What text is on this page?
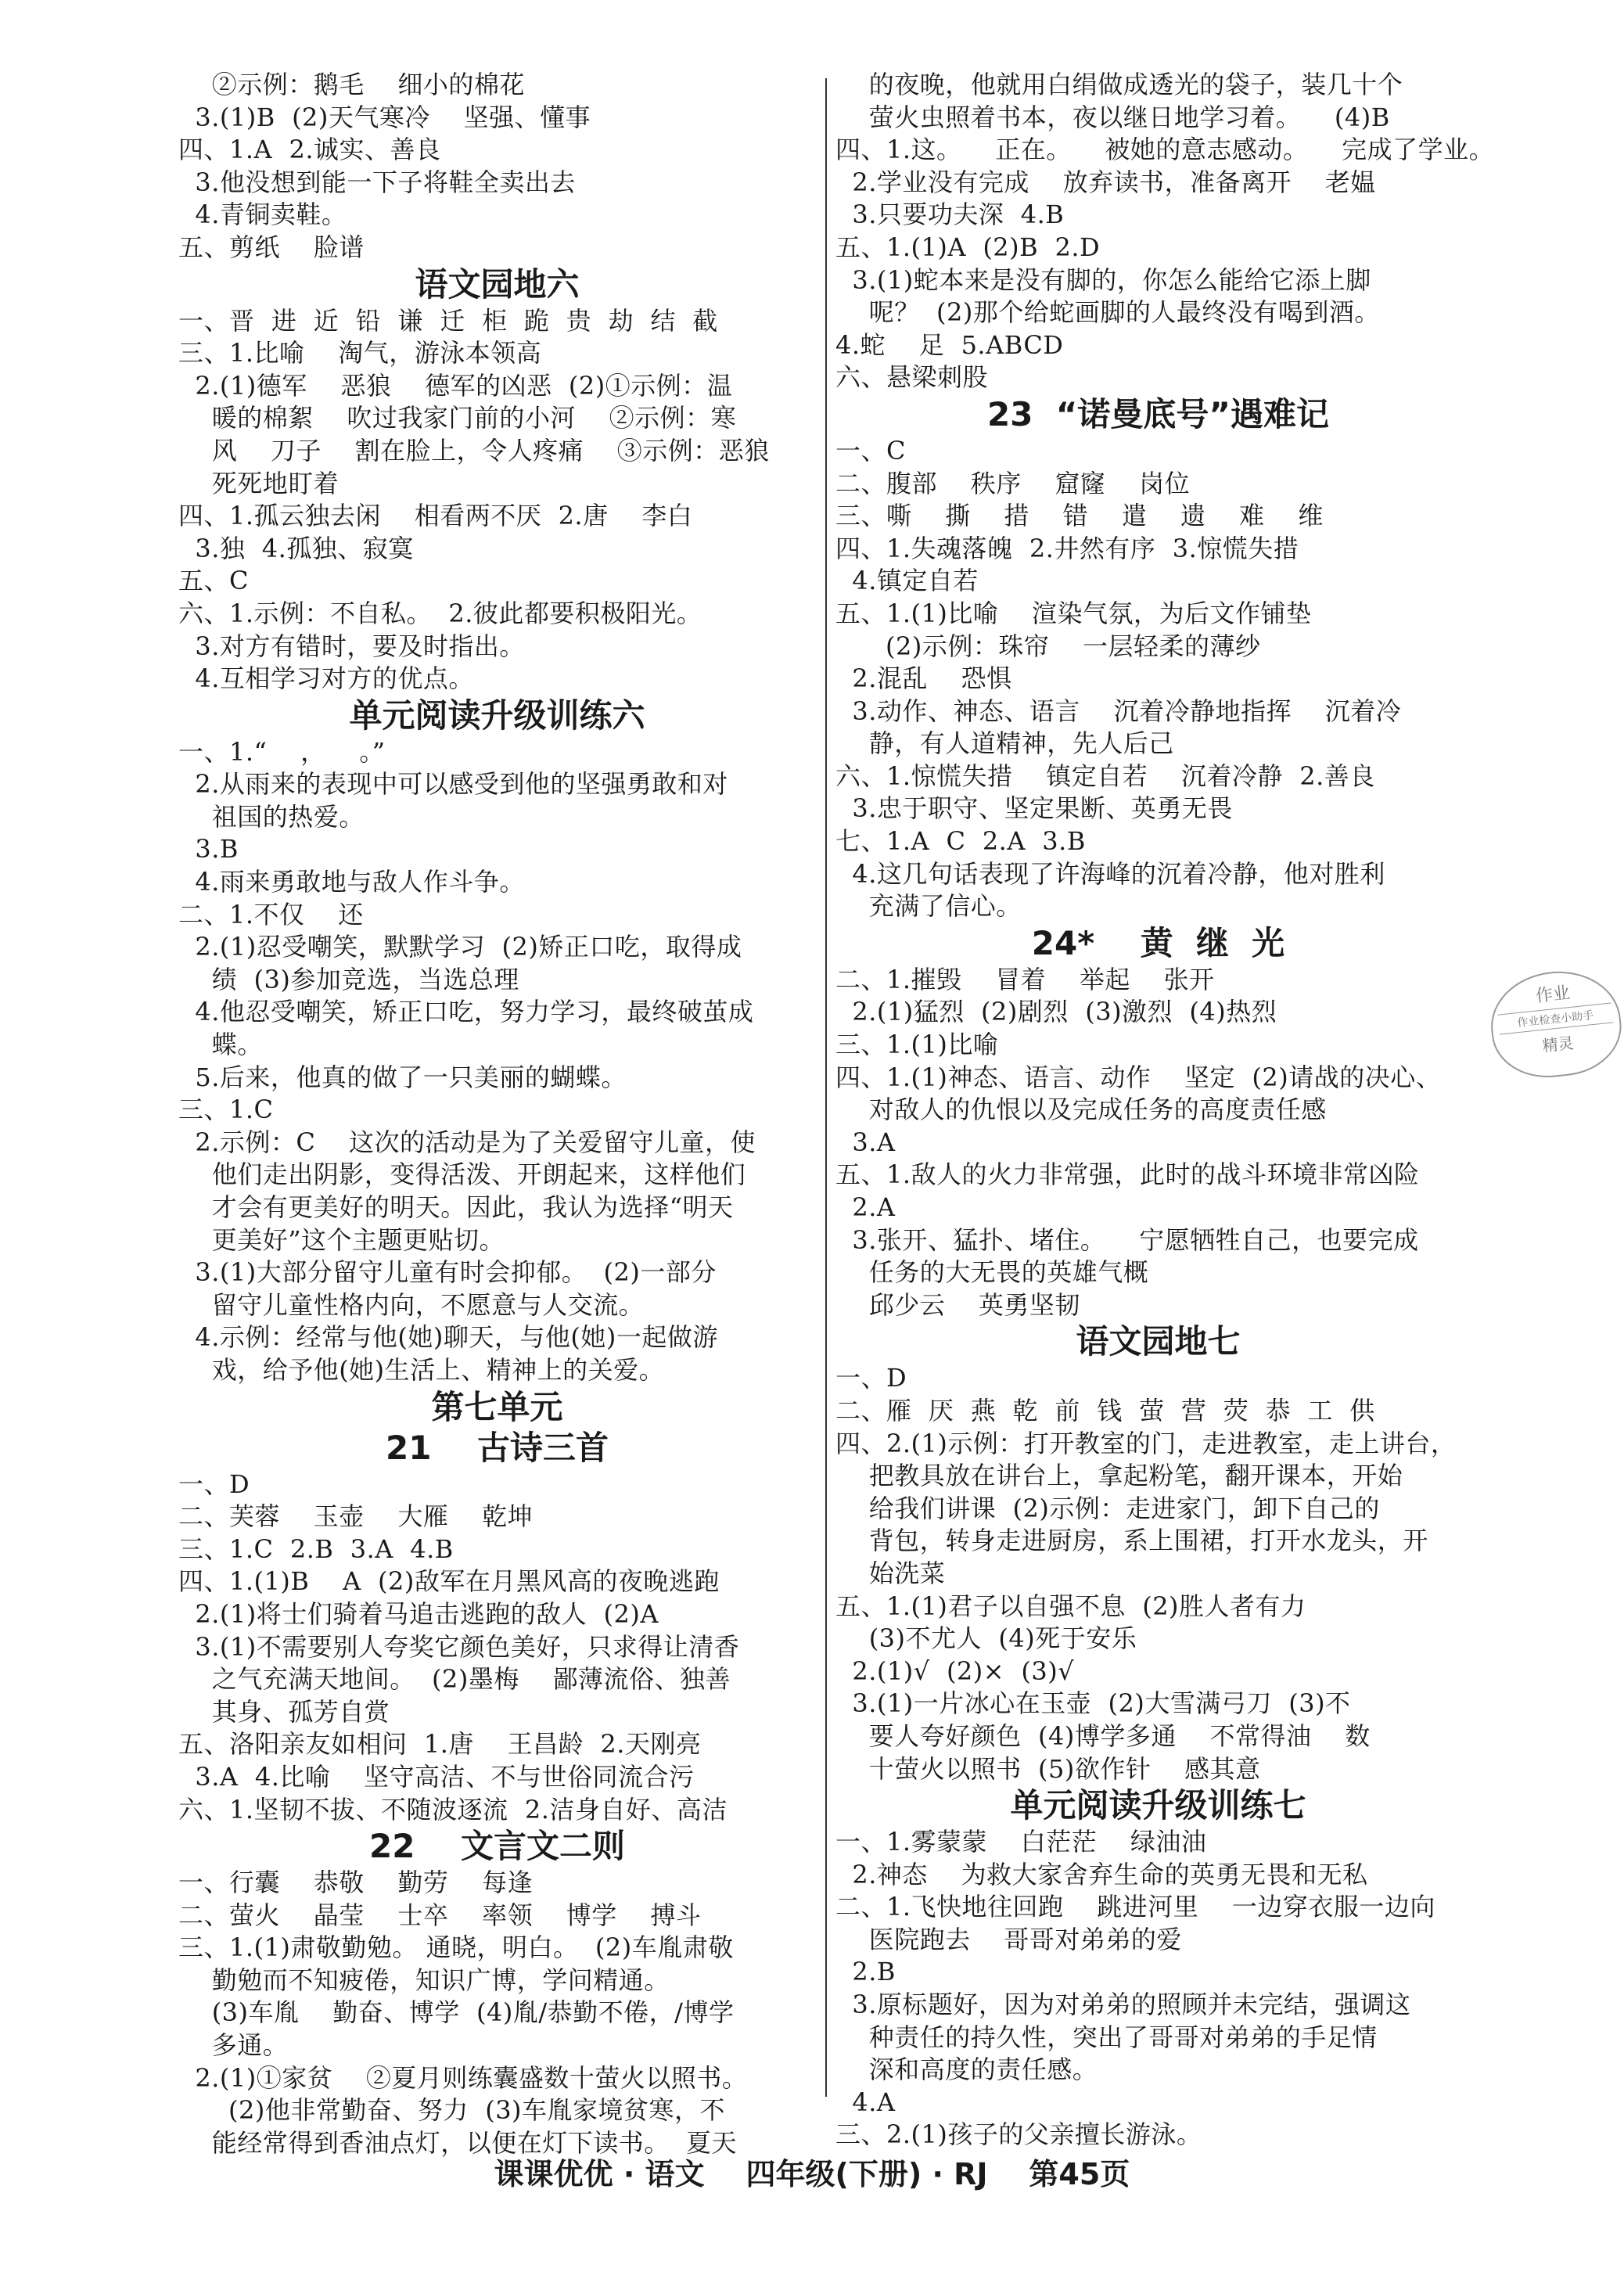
②示例：鹅毛    细小的棉花
3.(1)B  (2)天气寒冷    坚强、懂事
四、1.A  2.诚实、善良
3.他没想到能一下子将鞋全卖出去
4.青铜卖鞋。
五、剪纸    脸谱
语文园地六
一、晋  进  近  铅  谦  迁  柜  跪  贵  劫  结  截
三、1.比喻    淘气，游泳本领高
2.(1)德军    恶狼    德军的凶恶  (2)①示例：温
暖的棉絮    吹过我家门前的小河    ②示例：寒
风    刀子    割在脸上，令人疼痛    ③示例：恶狼
死死地盯着
四、1.孤云独去闲    相看两不厌  2.唐    李白
3.独  4.孤独、寂寞
五、C
六、1.示例：不自私。  2.彼此都要积极阳光。
3.对方有错时，要及时指出。
4.互相学习对方的优点。
单元阅读升级训练六
一、1.“    ，    。”
2.从雨来的表现中可以感受到他的坚强勇敢和对
祖国的热爱。
3.B
4.雨来勇敢地与敌人作斗争。
二、1.不仅    还
2.(1)忍受嘲笑，默默学习  (2)矫正口吃，取得成
绩  (3)参加竞选，当选总理
4.他忍受嘲笑，矫正口吃，努力学习，最终破茧成
蝶。
5.后来，他真的做了一只美丽的蝴蝶。
三、1.C
2.示例：C    这次的活动是为了关爱留守儿童，使
他们走出阴影，变得活泼、开朗起来，这样他们
才会有更美好的明天。因此，我认为选择“明天
更美好”这个主题更贴切。
3.(1)大部分留守儿童有时会抑郁。  (2)一部分
留守儿童性格内向，不愿意与人交流。
4.示例：经常与他(她)聊天，与他(她)一起做游
戏，给予他(她)生活上、精神上的关爱。
第七单元
21    古诗三首
一、D
二、芙蓉    玉壶    大雁    乾坤
三、1.C  2.B  3.A  4.B
四、1.(1)B    A  (2)敌军在月黑风高的夜晚逃跑
2.(1)将士们骑着马追击逃跑的敌人  (2)A
3.(1)不需要别人夸奖它颜色美好，只求得让清香
之气充满天地间。  (2)墨梅    鄙薄流俗、独善
其身、孤芳自赏
五、洛阳亲友如相问  1.唐    王昌龄  2.天刚亮
3.A  4.比喻    坚守高洁、不与世俗同流合污
六、1.坚韧不拔、不随波逐流  2.洁身自好、高洁
22    文言文二则
一、行囊    恭敬    勤劳    每逢
二、萤火    晶莹    士卒    率领    博学    搏斗
三、1.(1)肃敬勤勉。 通晓，明白。  (2)车胤肃敬
勤勉而不知疲倦，知识广博，学问精通。
(3)车胤    勤奋、博学  (4)胤/恭勤不倦，/博学
多通。
2.(1)①家贫    ②夏月则练囊盛数十萤火以照书。
(2)他非常勤奋、努力  (3)车胤家境贫寒，不
能经常得到香油点灯，以便在灯下读书。  夏天
的夜晚，他就用白绢做成透光的袋子，装几十个
萤火虫照着书本，夜以继日地学习着。    (4)B
四、1.这。    正在。    被她的意志感动。    完成了学业。
2.学业没有完成    放弃读书，准备离开    老媪
3.只要功夫深  4.B
五、1.(1)A  (2)B  2.D
3.(1)蛇本来是没有脚的，你怎么能给它添上脚
呢？  (2)那个给蛇画脚的人最终没有喝到酒。
4.蛇    足  5.ABCD
六、悬梁刺股
23  “诺曼底号”遇难记
一、C
二、腹部    秩序    窟窿    岗位
三、嘶    撕    措    错    遣    遗    难    维
四、1.失魂落魄  2.井然有序  3.惊慌失措
4.镇定自若
五、1.(1)比喻    渲染气氛，为后文作铺垫
(2)示例：珠帘    一层轻柔的薄纱
2.混乱    恐惧
3.动作、神态、语言    沉着冷静地指挥    沉着冷
静，有人道精神，先人后己
六、1.惊慌失措    镇定自若    沉着冷静  2.善良
3.忠于职守、坚定果断、英勇无畏
七、1.A  C  2.A  3.B
4.这几句话表现了许海峰的沉着冷静，他对胜利
充满了信心。
24*    黄  继  光
二、1.摧毁    冒着    举起    张开
2.(1)猛烈  (2)剧烈  (3)激烈  (4)热烈
三、1.(1)比喻
四、1.(1)神态、语言、动作    坚定  (2)请战的决心、
对敌人的仇恨以及完成任务的高度责任感
3.A
五、1.敌人的火力非常强，此时的战斗环境非常凶险
2.A
3.张开、猛扑、堵住。    宁愿牺牲自己，也要完成
任务的大无畏的英雄气概
邱少云    英勇坚韧
语文园地七
一、D
二、雁  厌  燕  乾  前  钱  萤  营  荧  恭  工  供
四、2.(1)示例：打开教室的门，走进教室，走上讲台，
把教具放在讲台上，拿起粉笔，翻开课本，开始
给我们讲课  (2)示例：走进家门，卸下自己的
背包，转身走进厨房，系上围裙，打开水龙头，开
始洗菜
五、1.(1)君子以自强不息  (2)胜人者有力
(3)不尤人  (4)死于安乐
2.(1)√  (2)×  (3)√
3.(1)一片冰心在玉壶  (2)大雪满弓刀  (3)不
要人夸好颜色  (4)博学多通    不常得油    数
十萤火以照书  (5)欲作针    感其意
单元阅读升级训练七
一、1.雾蒙蒙    白茫茫    绿油油
2.神态    为救大家舍弃生命的英勇无畏和无私
二、1.飞快地往回跑    跳进河里    一边穿衣服一边向
医院跑去    哥哥对弟弟的爱
2.B
3.原标题好，因为对弟弟的照顾并未完结，强调这
种责任的持久性，突出了哥哥对弟弟的手足情
深和高度的责任感。
4.A
三、2.(1)孩子的父亲擅长游泳。
作业
作业检查小助手
精灵
课课优优 · 语文    四年级(下册) · RJ    第45页
